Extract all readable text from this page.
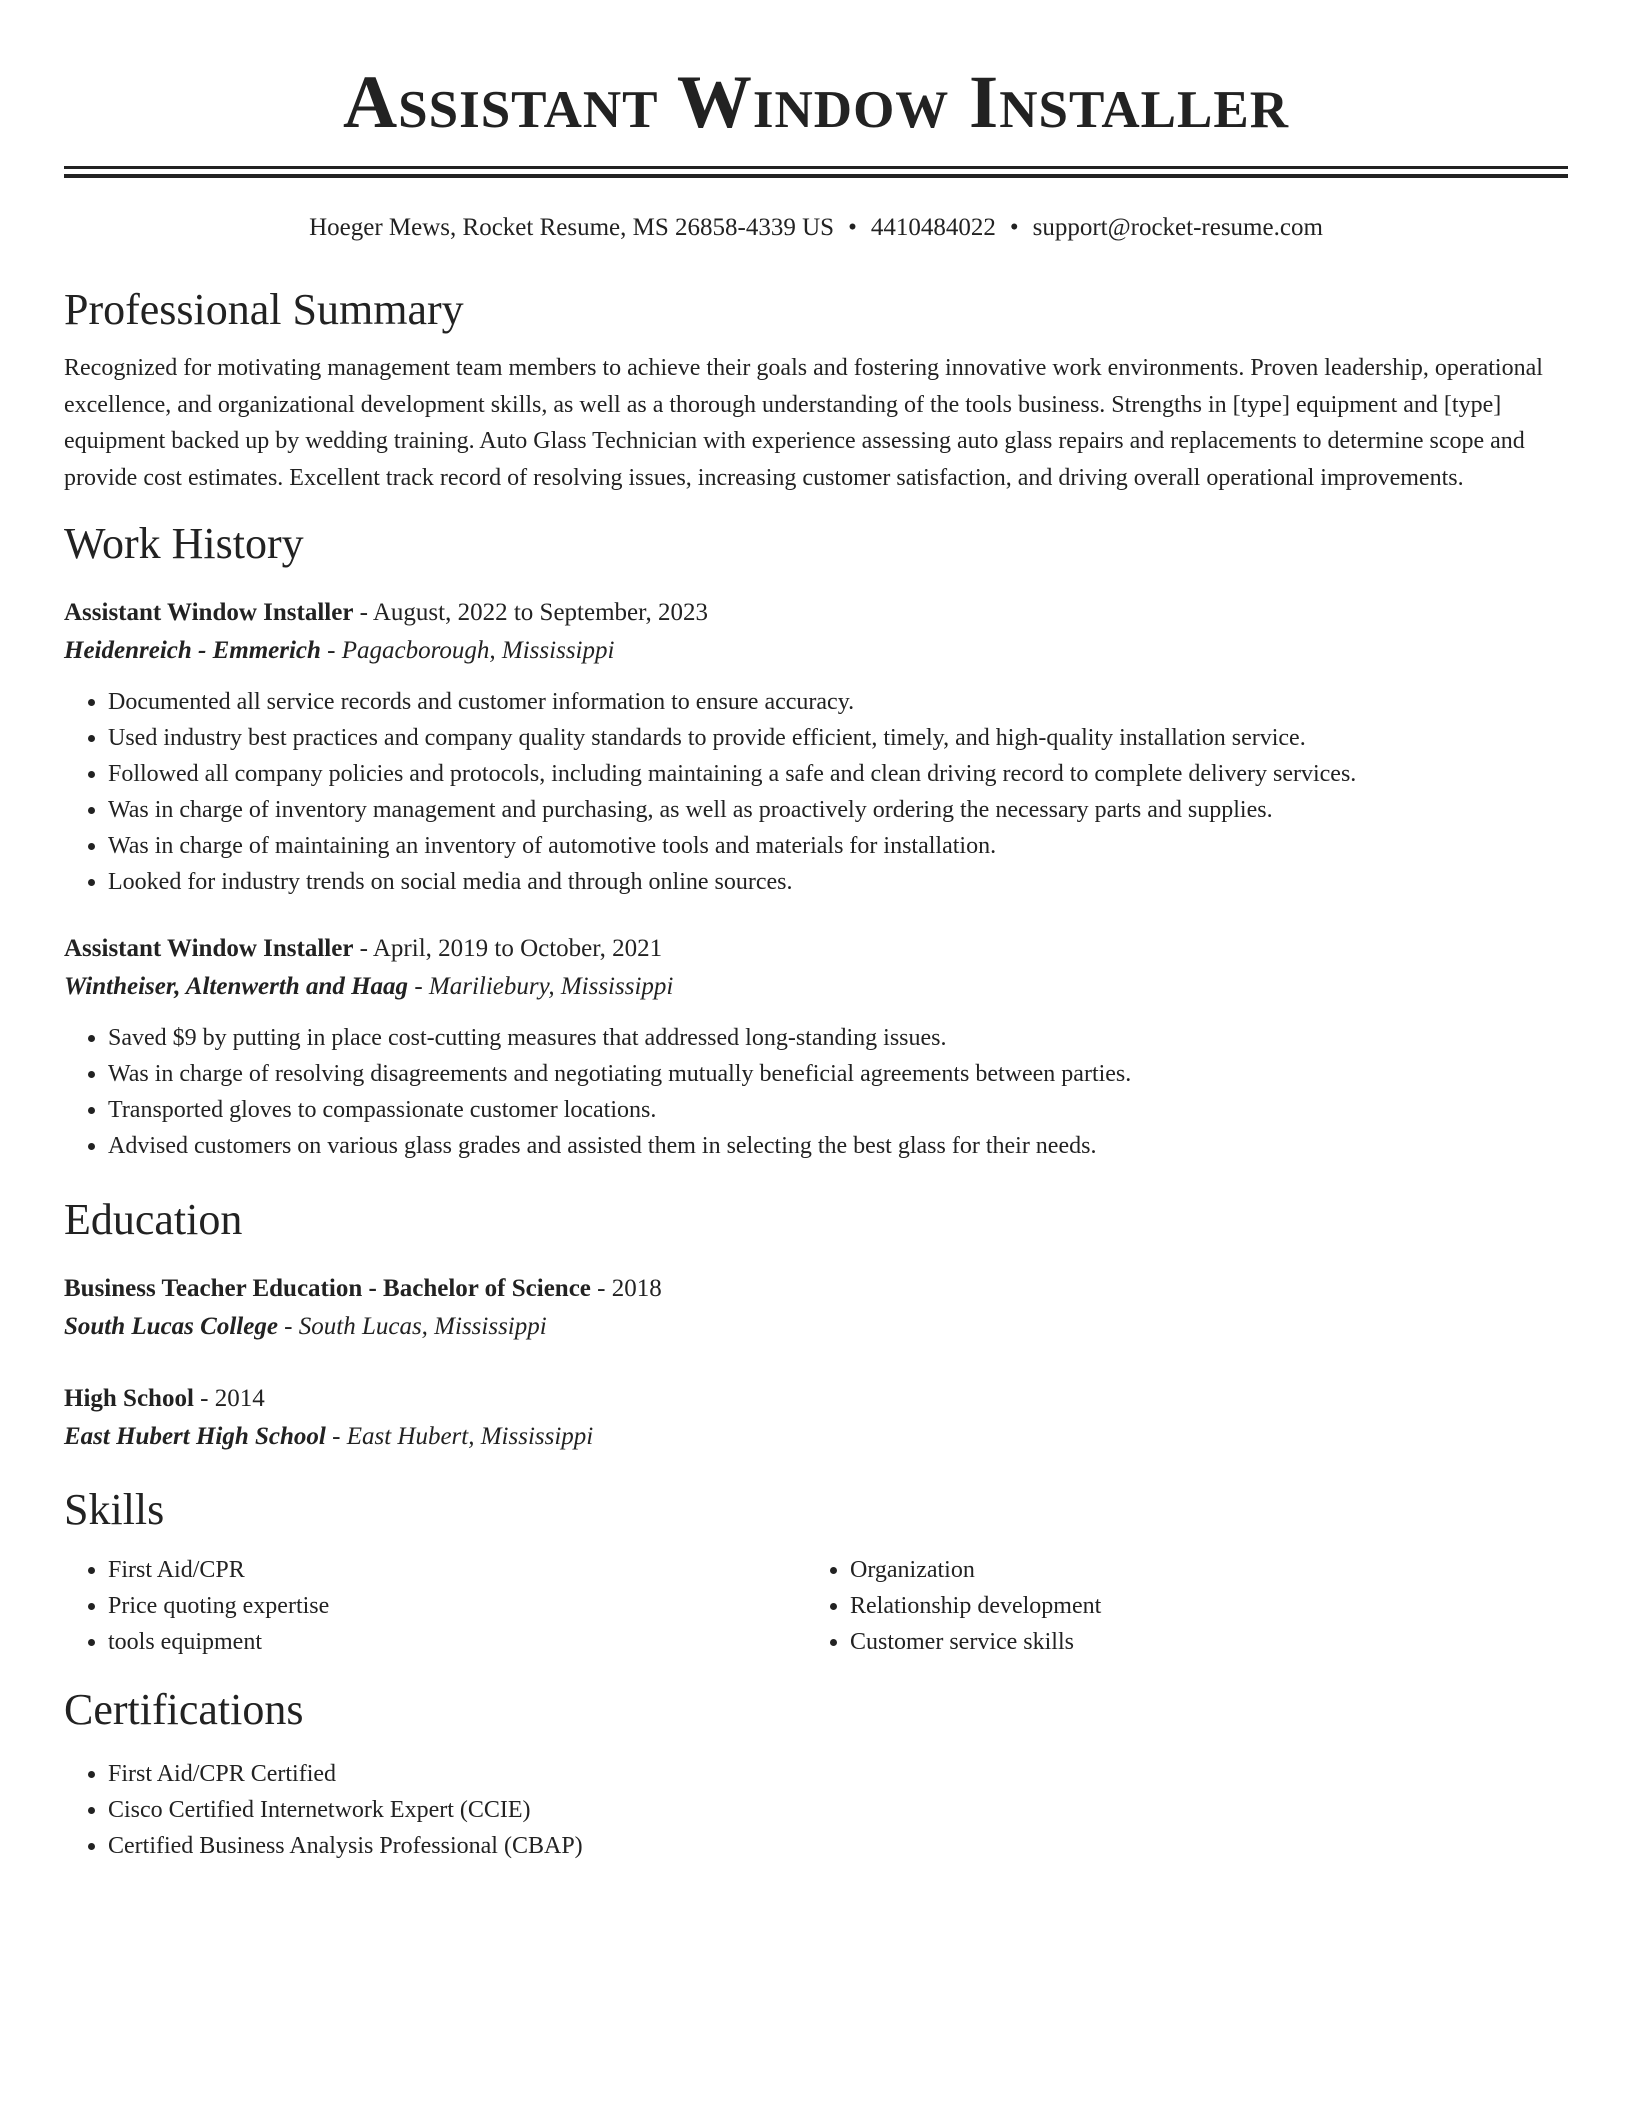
Assistant Window Installer
Hoeger Mews, Rocket Resume, MS 26858-4339 US • 4410484022 • support@rocket-resume.com
Professional Summary

Recognized for motivating management team members to achieve their goals and fostering innovative work environments. Proven leadership, operational excellence, and organizational development skills, as well as a thorough understanding of the tools business. Strengths in [type] equipment and [type] equipment backed up by wedding training. Auto Glass Technician with experience assessing auto glass repairs and replacements to determine scope and provide cost estimates. Excellent track record of resolving issues, increasing customer satisfaction, and driving overall operational improvements.

Work History
Assistant Window Installer - August, 2022 to September, 2023
Heidenreich - Emmerich - Pagacborough, Mississippi
• Documented all service records and customer information to ensure accuracy.
• Used industry best practices and company quality standards to provide efficient, timely, and high-quality installation service.
• Followed all company policies and protocols, including maintaining a safe and clean driving record to complete delivery services.
• Was in charge of inventory management and purchasing, as well as proactively ordering the necessary parts and supplies.
• Was in charge of maintaining an inventory of automotive tools and materials for installation.
• Looked for industry trends on social media and through online sources.
Assistant Window Installer - April, 2019 to October, 2021
Wintheiser, Altenwerth and Haag - Mariliebury, Mississippi
• Saved $9 by putting in place cost-cutting measures that addressed long-standing issues.
• Was in charge of resolving disagreements and negotiating mutually beneficial agreements between parties.
• Transported gloves to compassionate customer locations.
• Advised customers on various glass grades and assisted them in selecting the best glass for their needs.
Education
Business Teacher Education - Bachelor of Science - 2018
South Lucas College - South Lucas, Mississippi
High School - 2014
East Hubert High School - East Hubert, Mississippi
Skills
• First Aid/CPR
• Price quoting expertise
• tools equipment
• Organization
• Relationship development
• Customer service skills
Certifications
• First Aid/CPR Certified
• Cisco Certified Internetwork Expert (CCIE)
• Certified Business Analysis Professional (CBAP)
